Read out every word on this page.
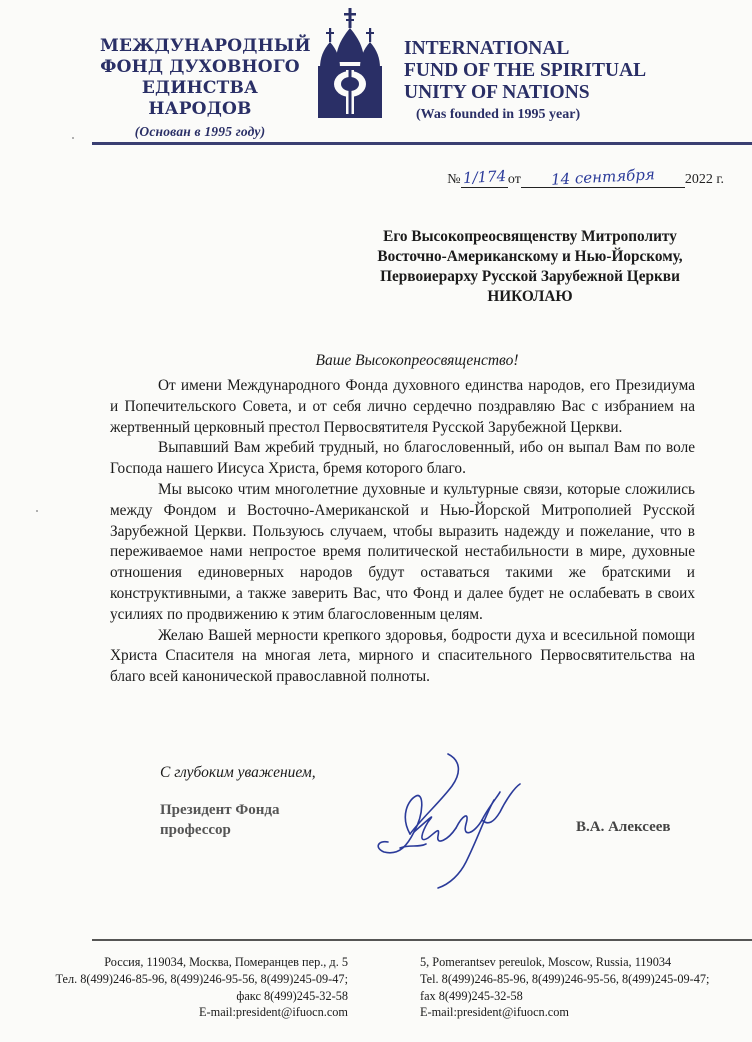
МЕЖДУНАРОДНЫЙ
ФОНД ДУХОВНОГО
ЕДИНСТВА НАРОДОВ
(Основан в 1995 году)
INTERNATIONAL
FUND OF THE SPIRITUAL
UNITY OF NATIONS
(Was founded in 1995 year)
№ 1/174 от	14 сентября	2022 г.
Его Высокопреосвященству Митрополиту
Восточно-Американскому и Нью-Йорскому,
Первоиерарху Русской Зарубежной Церкви
НИКОЛАЮ
Ваше Высокопреосвященство!

От имени Международного Фонда духовного единства народов, его Президиума и Попечительского Совета, и от себя лично сердечно поздравляю Вас с избранием на жертвенный церковный престол Первосвятителя Русской Зарубежной Церкви.

Выпавший Вам жребий трудный, но благословенный, ибо он выпал Вам по воле Господа нашего Иисуса Христа, бремя которого благо.

Мы высоко чтим многолетние духовные и культурные связи, которые сложились между Фондом и Восточно-Американской и Нью-Йорской Митрополией Русской Зарубежной Церкви. Пользуюсь случаем, чтобы выразить надежду и пожелание, что в переживаемое нами непростое время политической нестабильности в мире, духовные отношения единоверных народов будут оставаться такими же братскими и конструктивными, а также заверить Вас, что Фонд и далее будет не ослабевать в своих усилиях по продвижению к этим благословенным целям.

Желаю Вашей мерности крепкого здоровья, бодрости духа и всесильной помощи Христа Спасителя на многая лета, мирного и спасительного Первосвятительства на благо всей канонической православной полноты.

С глубоким уважением,
Президент Фонда
профессор	В.А. Алексеев
Россия, 119034, Москва, Померанцев пер., д. 5
Тел. 8(499)246-85-96, 8(499)246-95-56, 8(499)245-09-47;
факс 8(499)245-32-58
E-mail:president@ifuocn.com
5, Pomerantsev pereulok, Moscow, Russia, 119034
Tel. 8(499)246-85-96, 8(499)246-95-56, 8(499)245-09-47;
fax 8(499)245-32-58
E-mail:president@ifuocn.com
